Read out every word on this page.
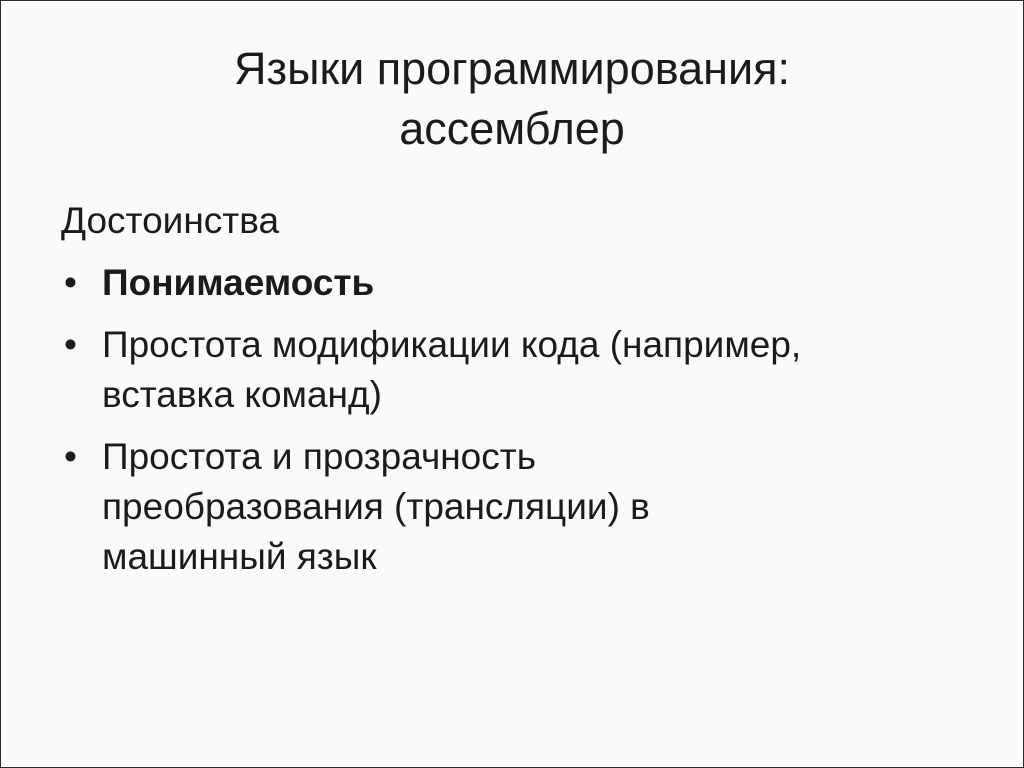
Языки программирования:
ассемблер
Достоинства
• Понимаемость
• Простота модификации кода (например,
вставка команд)
• Простота и прозрачность
преобразования (трансляции) в
машинный язык
